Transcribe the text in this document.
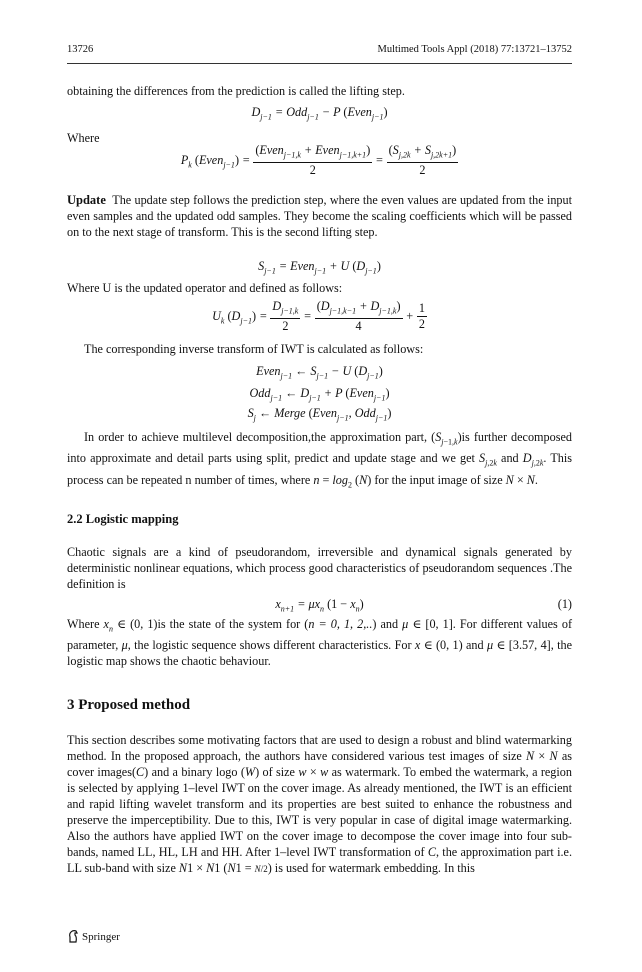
13726	Multimed Tools Appl (2018) 77:13721–13752

obtaining the differences from the prediction is called the lifting step.

$D_{j-1} = Odd_{j-1} - P$ (Even$_{j-1}$)

Where

$P_k$ (Even$_{j-1}$) = $\frac{(Even_{j-1,k} + Even_{j-1,k+1})}{2} = \frac{(S_{j,2k} + S_{j,2k+1})}{2}$

Update The update step follows the prediction step, where the even values are updated from the input even samples and the updated odd samples. They become the scaling coefficients which will be passed on to the next stage of transform. This is the second lifting step.

$S_{j-1}$ = Even$_{j-1}$ + U $(D_{j-1})$

Where U is the updated operator and defined as follows:

$U_k$ $(D_{j-1}) = \frac{D_{j-1,k}}{2} = \frac{(D_{j-1,k-1} + D_{j-1,k})}{4} + \frac{1}{2}$

The corresponding inverse transform of IWT is calculated as follows:

Even$_{j-1}$ ← $S_{j-1} - U$ $(D_{j-1})$
Odd$_{j-1}$ ← $D_{j-1} + P$ (Even$_{j-1}$)
$S_j$ ← Merge (Even$_{j-1}$, Odd$_{j-1}$)

In order to achieve multilevel decomposition,the approximation part, $(S_{j-1,k})is$ further decomposed into approximate and detail parts using split, predict and update stage and we get $S_{j,2k}$ and $D_{j,2k}$. This process can be repeated n number of times, where $n = \log_2 (N)$ for the input image of size N × N.

2.2 Logistic mapping

Chaotic signals are a kind of pseudorandom, irreversible and dynamical signals generated by deterministic nonlinear equations, which process good characteristics of pseudorandom sequences .The definition is

$x_{n+1} = \mu x_n$ $(1 - x_n)$	(1)

Where $x_n$ ∈ (0, 1)is the state of the system for (n = 0, 1, 2,..) and μ ∈ [0, 1]. For different values of parameter, μ, the logistic sequence shows different characteristics. For x ∈ (0, 1) and μ ∈ [3.57, 4], the logistic map shows the chaotic behaviour.

3 Proposed method

This section describes some motivating factors that are used to design a robust and blind watermarking method. In the proposed approach, the authors have considered various test images of size N × N as cover images(C) and a binary logo (W) of size w × w as watermark. To embed the watermark, a region is selected by applying 1–level IWT on the cover image. As already mentioned, the IWT is an efficient and rapid lifting wavelet transform and its properties are best suited to enhance the robustness and preserve the imperceptibility. Due to this, IWT is very popular in case of digital image watermarking. Also the authors have applied IWT on the cover image to decompose the cover image into four sub-bands, named LL, HL, LH and HH. After 1–level IWT transformation of C, the approximation part i.e. LL sub-band with size N1 × N1 (N1 = N/2) is used for watermark embedding. In this

Springer
